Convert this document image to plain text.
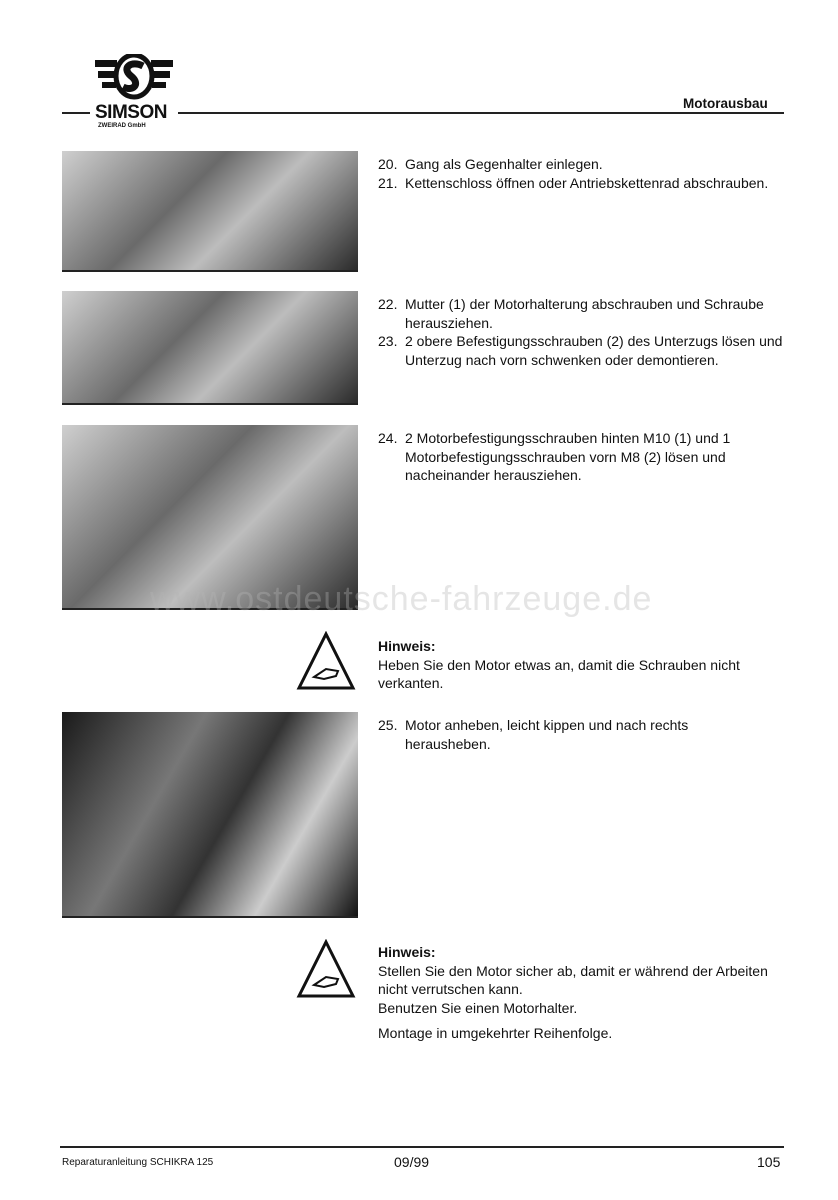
SIMSON
ZWEIRAD GmbH
Motorausbau
20. Gang als Gegenhalter einlegen.
21. Kettenschloss öffnen oder Antriebskettenrad abschrauben.
22. Mutter (1) der Motorhalterung abschrauben und Schraube herausziehen.
23. 2 obere Befestigungsschrauben (2) des Unterzugs lösen und Unterzug nach vorn schwenken oder demontieren.
24. 2 Motorbefestigungsschrauben hinten M10 (1) und 1 Motorbefestigungsschrauben vorn M8 (2) lösen und nacheinander herausziehen.
www.ostdeutsche-fahrzeuge.de
Hinweis:
Heben Sie den Motor etwas an, damit die Schrauben nicht verkanten.
25. Motor anheben, leicht kippen und nach rechts herausheben.
Hinweis:
Stellen Sie den Motor sicher ab, damit er während der Arbeiten nicht verrutschen kann.
Benutzen Sie einen Motorhalter.
Montage in umgekehrter Reihenfolge.
Reparaturanleitung SCHIKRA 125	09/99	105
